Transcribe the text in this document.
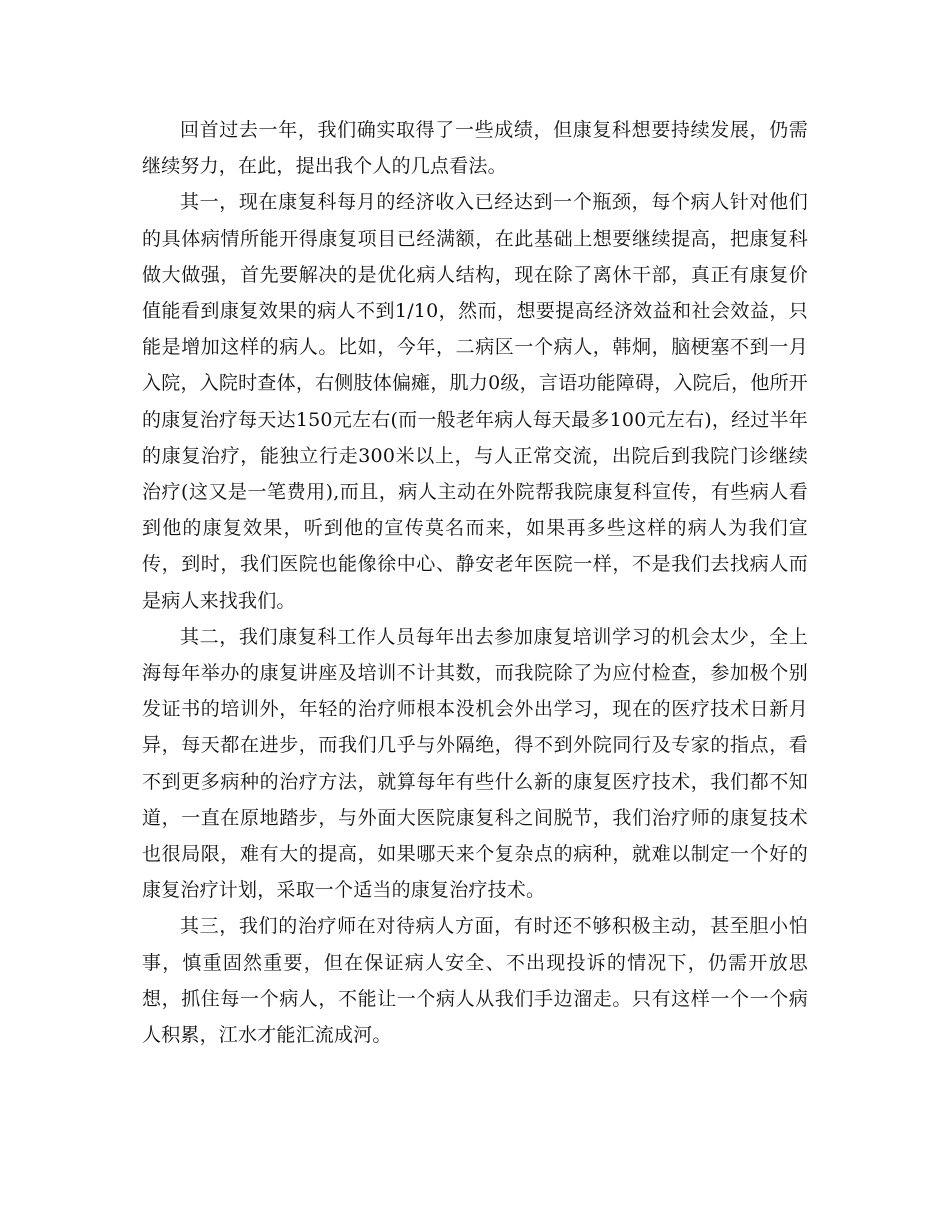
回首过去一年，我们确实取得了一些成绩，但康复科想要持续发展，仍需继续努力，在此，提出我个人的几点看法。

其一，现在康复科每月的经济收入已经达到一个瓶颈，每个病人针对他们的具体病情所能开得康复项目已经满额，在此基础上想要继续提高，把康复科做大做强，首先要解决的是优化病人结构，现在除了离休干部，真正有康复价值能看到康复效果的病人不到1/10，然而，想要提高经济效益和社会效益，只能是增加这样的病人。比如，今年，二病区一个病人，韩炯，脑梗塞不到一月入院，入院时查体，右侧肢体偏瘫，肌力0级，言语功能障碍，入院后，他所开的康复治疗每天达150元左右(而一般老年病人每天最多100元左右)，经过半年的康复治疗，能独立行走300米以上，与人正常交流，出院后到我院门诊继续治疗(这又是一笔费用),而且，病人主动在外院帮我院康复科宣传，有些病人看到他的康复效果，听到他的宣传莫名而来，如果再多些这样的病人为我们宣传，到时，我们医院也能像徐中心、静安老年医院一样，不是我们去找病人而是病人来找我们。

其二，我们康复科工作人员每年出去参加康复培训学习的机会太少，全上海每年举办的康复讲座及培训不计其数，而我院除了为应付检查，参加极个别发证书的培训外，年轻的治疗师根本没机会外出学习，现在的医疗技术日新月异，每天都在进步，而我们几乎与外隔绝，得不到外院同行及专家的指点，看不到更多病种的治疗方法，就算每年有些什么新的康复医疗技术，我们都不知道，一直在原地踏步，与外面大医院康复科之间脱节，我们治疗师的康复技术也很局限，难有大的提高，如果哪天来个复杂点的病种，就难以制定一个好的康复治疗计划，采取一个适当的康复治疗技术。

其三，我们的治疗师在对待病人方面，有时还不够积极主动，甚至胆小怕事，慎重固然重要，但在保证病人安全、不出现投诉的情况下，仍需开放思想，抓住每一个病人，不能让一个病人从我们手边溜走。只有这样一个一个病人积累，江水才能汇流成河。
